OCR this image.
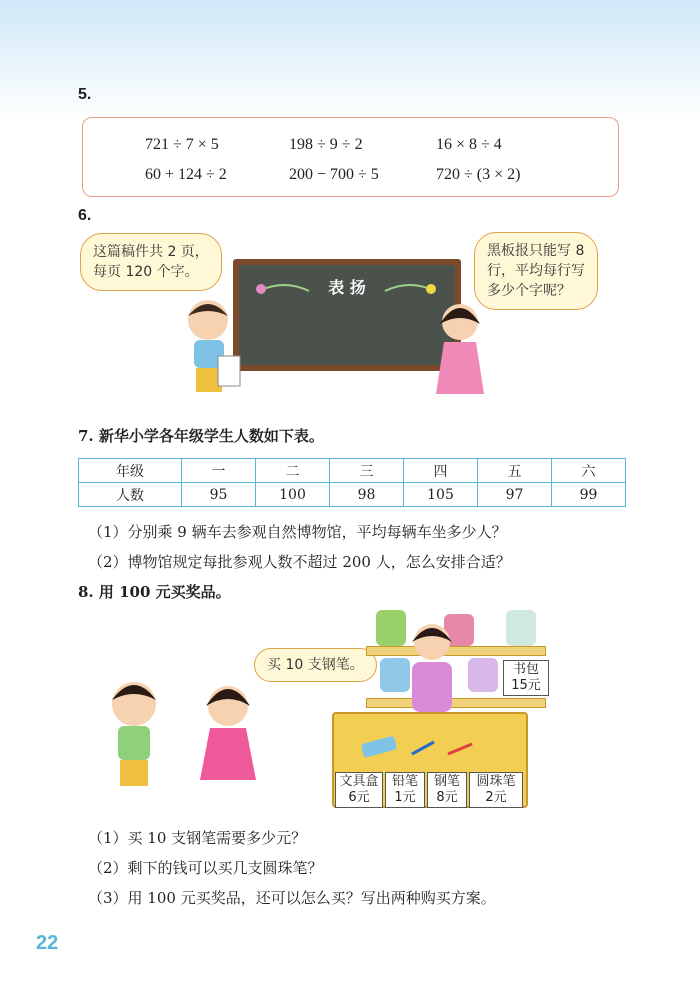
5.
721 ÷ 7 × 5	198 ÷ 9 ÷ 2	16 × 8 ÷ 4
60 + 124 ÷ 2	200 − 700 ÷ 5	720 ÷ (3 × 2)
6.
这篇稿件共 2 页，
每页 120 个字。
黑板报只能写 8
行，平均每行写
多少个字呢？
表 扬
7. 新华小学各年级学生人数如下表。
年级	一	二	三	四	五	六
人数	95	100	98	105	97	99
（1）分别乘 9 辆车去参观自然博物馆，平均每辆车坐多少人？
（2）博物馆规定每批参观人数不超过 200 人，怎么安排合适？
8. 用 100 元买奖品。
买 10 支钢笔。	书包
15元
文具盒
6元
铅笔
1元
钢笔
8元
圆珠笔
2元
（1）买 10 支钢笔需要多少元？
（2）剩下的钱可以买几支圆珠笔？
（3）用 100 元买奖品，还可以怎么买？写出两种购买方案。
22
